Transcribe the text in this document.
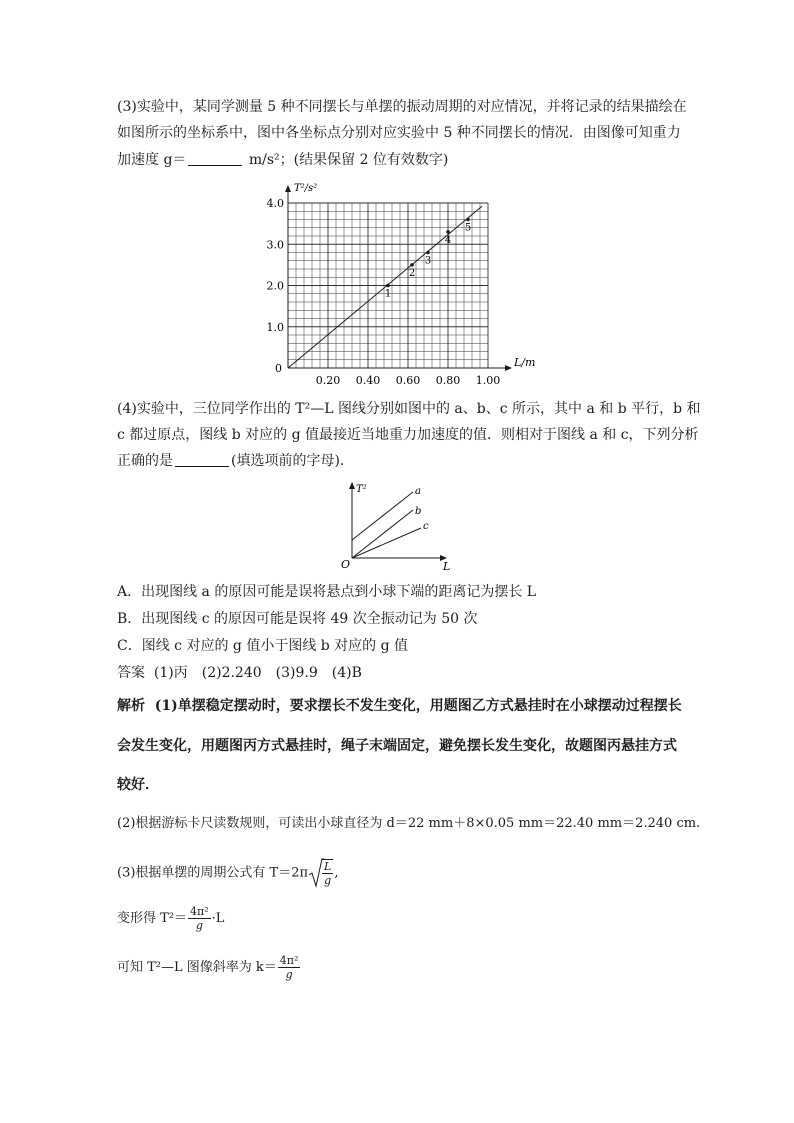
(3)实验中，某同学测量 5 种不同摆长与单摆的振动周期的对应情况，并将记录的结果描绘在
如图所示的坐标系中，图中各坐标点分别对应实验中 5 种不同摆长的情况．由图像可知重力
加速度 g＝	m/s²；(结果保留 2 位有效数字)
1
2
3
4
5
1.0
2.0
3.0
4.0
0
0.20 0.40 0.60 0.80 1.00
T²/s²
L/m
(4)实验中，三位同学作出的 T²—L 图线分别如图中的 a、b、c 所示，其中 a 和 b 平行，b 和
c 都过原点，图线 b 对应的 g 值最接近当地重力加速度的值．则相对于图线 a 和 c，下列分析
正确的是	(填选项前的字母)．
T²
L
O
a
b
c
A．出现图线 a 的原因可能是误将悬点到小球下端的距离记为摆长 L
B．出现图线 c 的原因可能是误将 49 次全振动记为 50 次
C．图线 c 对应的 g 值小于图线 b 对应的 g 值
答案 (1)丙　(2)2.240　(3)9.9　(4)B
解析 (1)单摆稳定摆动时，要求摆长不发生变化，用题图乙方式悬挂时在小球摆动过程摆长
会发生变化，用题图丙方式悬挂时，绳子末端固定，避免摆长发生变化，故题图丙悬挂方式
较好．
(2)根据游标卡尺读数规则，可读出小球直径为 d＝22 mm＋8×0.05 mm＝22.40 mm＝2.240 cm.
(3)根据单摆的周期公式有 $T=2\pi \frac{L}{g}$ ,
变形得 $T^2= \frac{\text{4π²}}{g} \cdot L$
可知 T²—L 图像斜率为 $k= \frac{\text{4π²}}{g}$
